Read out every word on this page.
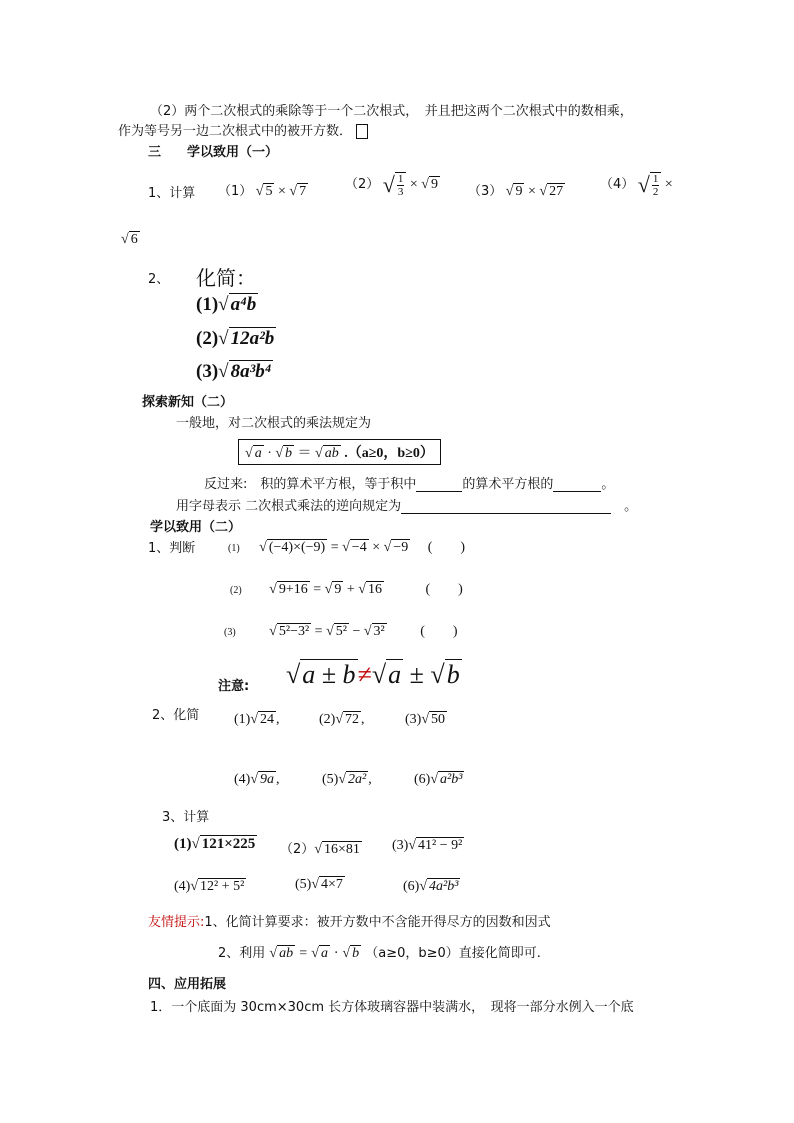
（2）两个二次根式的乘除等于一个二次根式，　并且把这两个二次根式中的数相乘，
作为等号另一边二次根式中的被开方数．
三　　学以致用（一）
1、计算 （1） √ 5 × √ 7	（2） √ $\frac{1}{3}$ × √ 9 （3） √ 9 × √ 27	（4） √ $\frac{1}{2}$ ×
√ 6
2、 化简：
(1)√ a⁴b
(2)√ 12a²b
(3)√ 8a³b⁴
探索新知（二）
一般地，对二次根式的乘法规定为
√ a · √ b ＝ √ ab .（a≥0，b≥0）
反过来:　积的算术平方根，等于积中	的算术平方根的	。
用字母表示 二次根式乘法的逆向规定为　	。
学以致用（二）
1、判断	(1) √ (−4)×(−9) = √ −4 × √ −9 (　　)
(2) √ 9+16 = √ 9 + √ 16	(　　)
(3) √ 5²−3² = √ 5² − √ 3²	(　　)
注意: √a ± b≠√a ± √b
2、化简 (1)√ 24 ,	(2)√ 72 ,	(3)√ 50
(4)√ 9a ,	(5)√ 2a² ,	(6)√ a²b³
3、计算
(1)√ 121×225 （2）√ 16×81 (3)√ 41² − 9²
(4)√ 12² + 5²	(5)√ 4×7	(6)√ 4a²b³
友情提示:1、化简计算要求：被开方数中不含能开得尽方的因数和因式
2、利用 √ ab = √ a · √ b （a≥0，b≥0）直接化简即可.
四、应用拓展
1．一个底面为 30cm×30cm 长方体玻璃容器中装满水，　现将一部分水例入一个底
